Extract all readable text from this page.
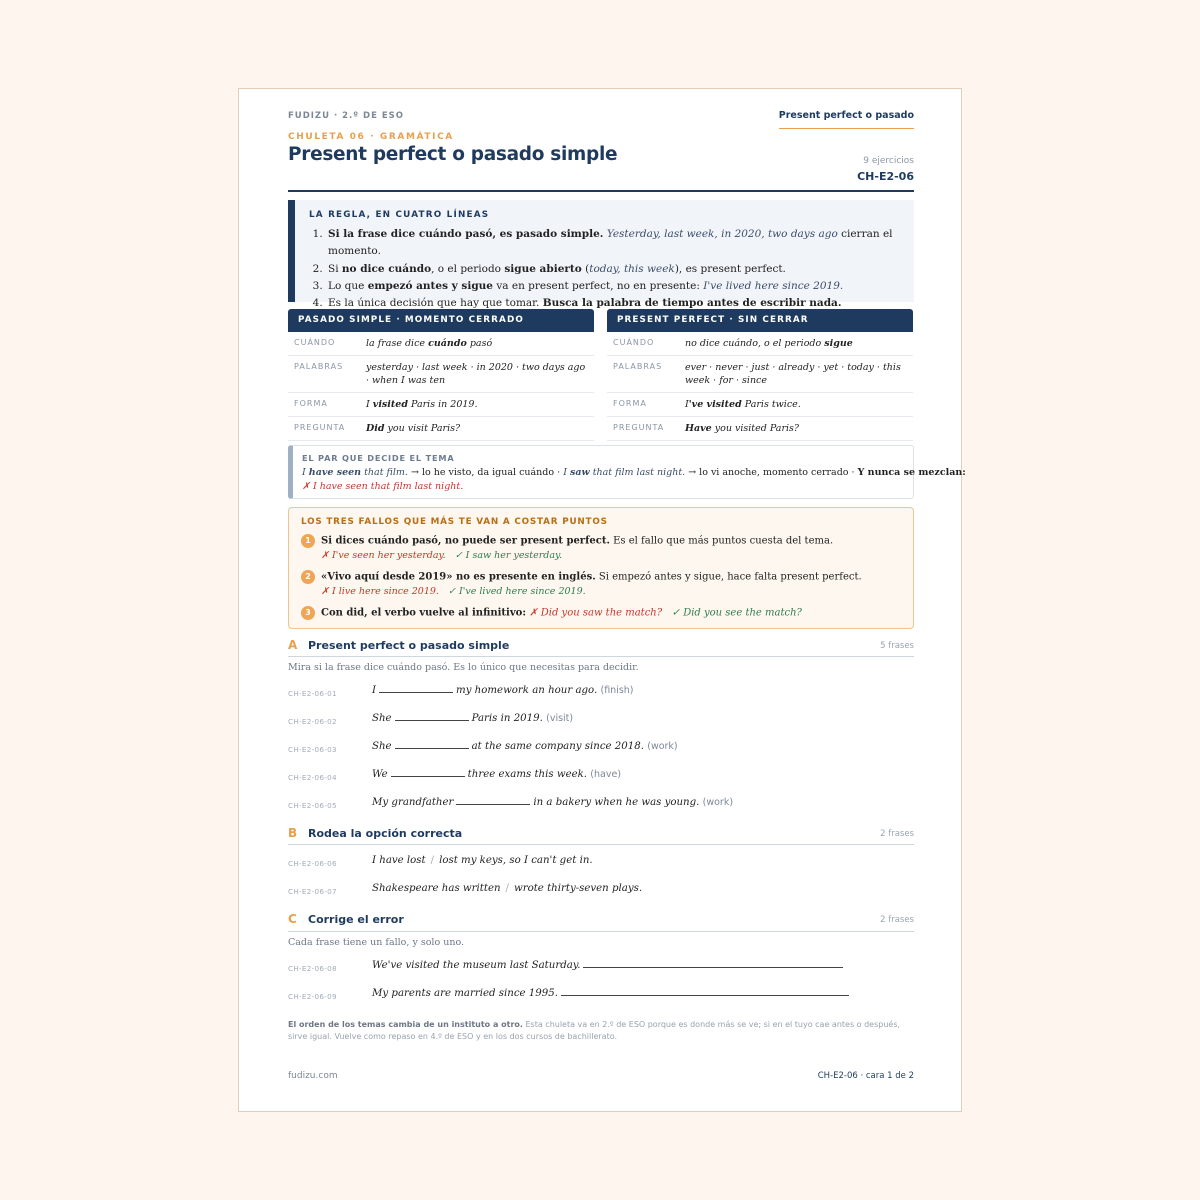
FUDIZU · 2.º DE ESO	Present perfect o pasado
CHULETA 06 · GRAMÁTICA
Present perfect o pasado simple	9 ejercicios
CH-E2-06
LA REGLA, EN CUATRO LÍNEAS
1. Si la frase dice cuándo pasó, es pasado simple. Yesterday, last week, in 2020, two days ago cierran el momento.
2. Si no dice cuándo, o el periodo sigue abierto (today, this week), es present perfect.
3. Lo que empezó antes y sigue va en present perfect, no en presente: I've lived here since 2019.
4. Es la única decisión que hay que tomar. Busca la palabra de tiempo antes de escribir nada.
PASADO SIMPLE · MOMENTO CERRADO
CUÁNDO	la frase dice cuándo pasó
PALABRAS	yesterday · last week · in 2020 · two days ago · when I was ten
FORMA	I visited Paris in 2019.
PREGUNTA	Did you visit Paris?
PRESENT PERFECT · SIN CERRAR
CUÁNDO	no dice cuándo, o el periodo sigue
PALABRAS	ever · never · just · already · yet · today · this week · for · since
FORMA	I've visited Paris twice.
PREGUNTA	Have you visited Paris?
EL PAR QUE DECIDE EL TEMA
I have seen that film. → lo he visto, da igual cuándo · I saw that film last night. → lo vi anoche, momento cerrado · Y nunca se mezclan:
✗ I have seen that film last night.
LOS TRES FALLOS QUE MÁS TE VAN A COSTAR PUNTOS
1 Si dices cuándo pasó, no puede ser present perfect. Es el fallo que más puntos cuesta del tema.
✗ I've seen her yesterday. ✓ I saw her yesterday.
2 «Vivo aquí desde 2019» no es presente en inglés. Si empezó antes y sigue, hace falta present perfect.
✗ I live here since 2019. ✓ I've lived here since 2019.
3 Con did, el verbo vuelve al infinitivo: ✗ Did you saw the match? ✓ Did you see the match?
A Present perfect o pasado simple	5 frases
Mira si la frase dice cuándo pasó. Es lo único que necesitas para decidir.
CH-E2-06-01	I	my homework an hour ago. (finish)
CH-E2-06-02	She	Paris in 2019. (visit)
CH-E2-06-03	She	at the same company since 2018. (work)
CH-E2-06-04	We	three exams this week. (have)
CH-E2-06-05	My grandfather	in a bakery when he was young. (work)
B Rodea la opción correcta	2 frases
CH-E2-06-06	I have lost / lost my keys, so I can't get in.
CH-E2-06-07	Shakespeare has written / wrote thirty-seven plays.
C Corrige el error	2 frases
Cada frase tiene un fallo, y solo uno.
CH-E2-06-08	We've visited the museum last Saturday.
CH-E2-06-09	My parents are married since 1995.
El orden de los temas cambia de un instituto a otro. Esta chuleta va en 2.º de ESO porque es donde más se ve; si en el tuyo cae antes o después, sirve igual. Vuelve como repaso en 4.º de ESO y en los dos cursos de bachillerato.
fudizu.com	CH-E2-06 · cara 1 de 2
